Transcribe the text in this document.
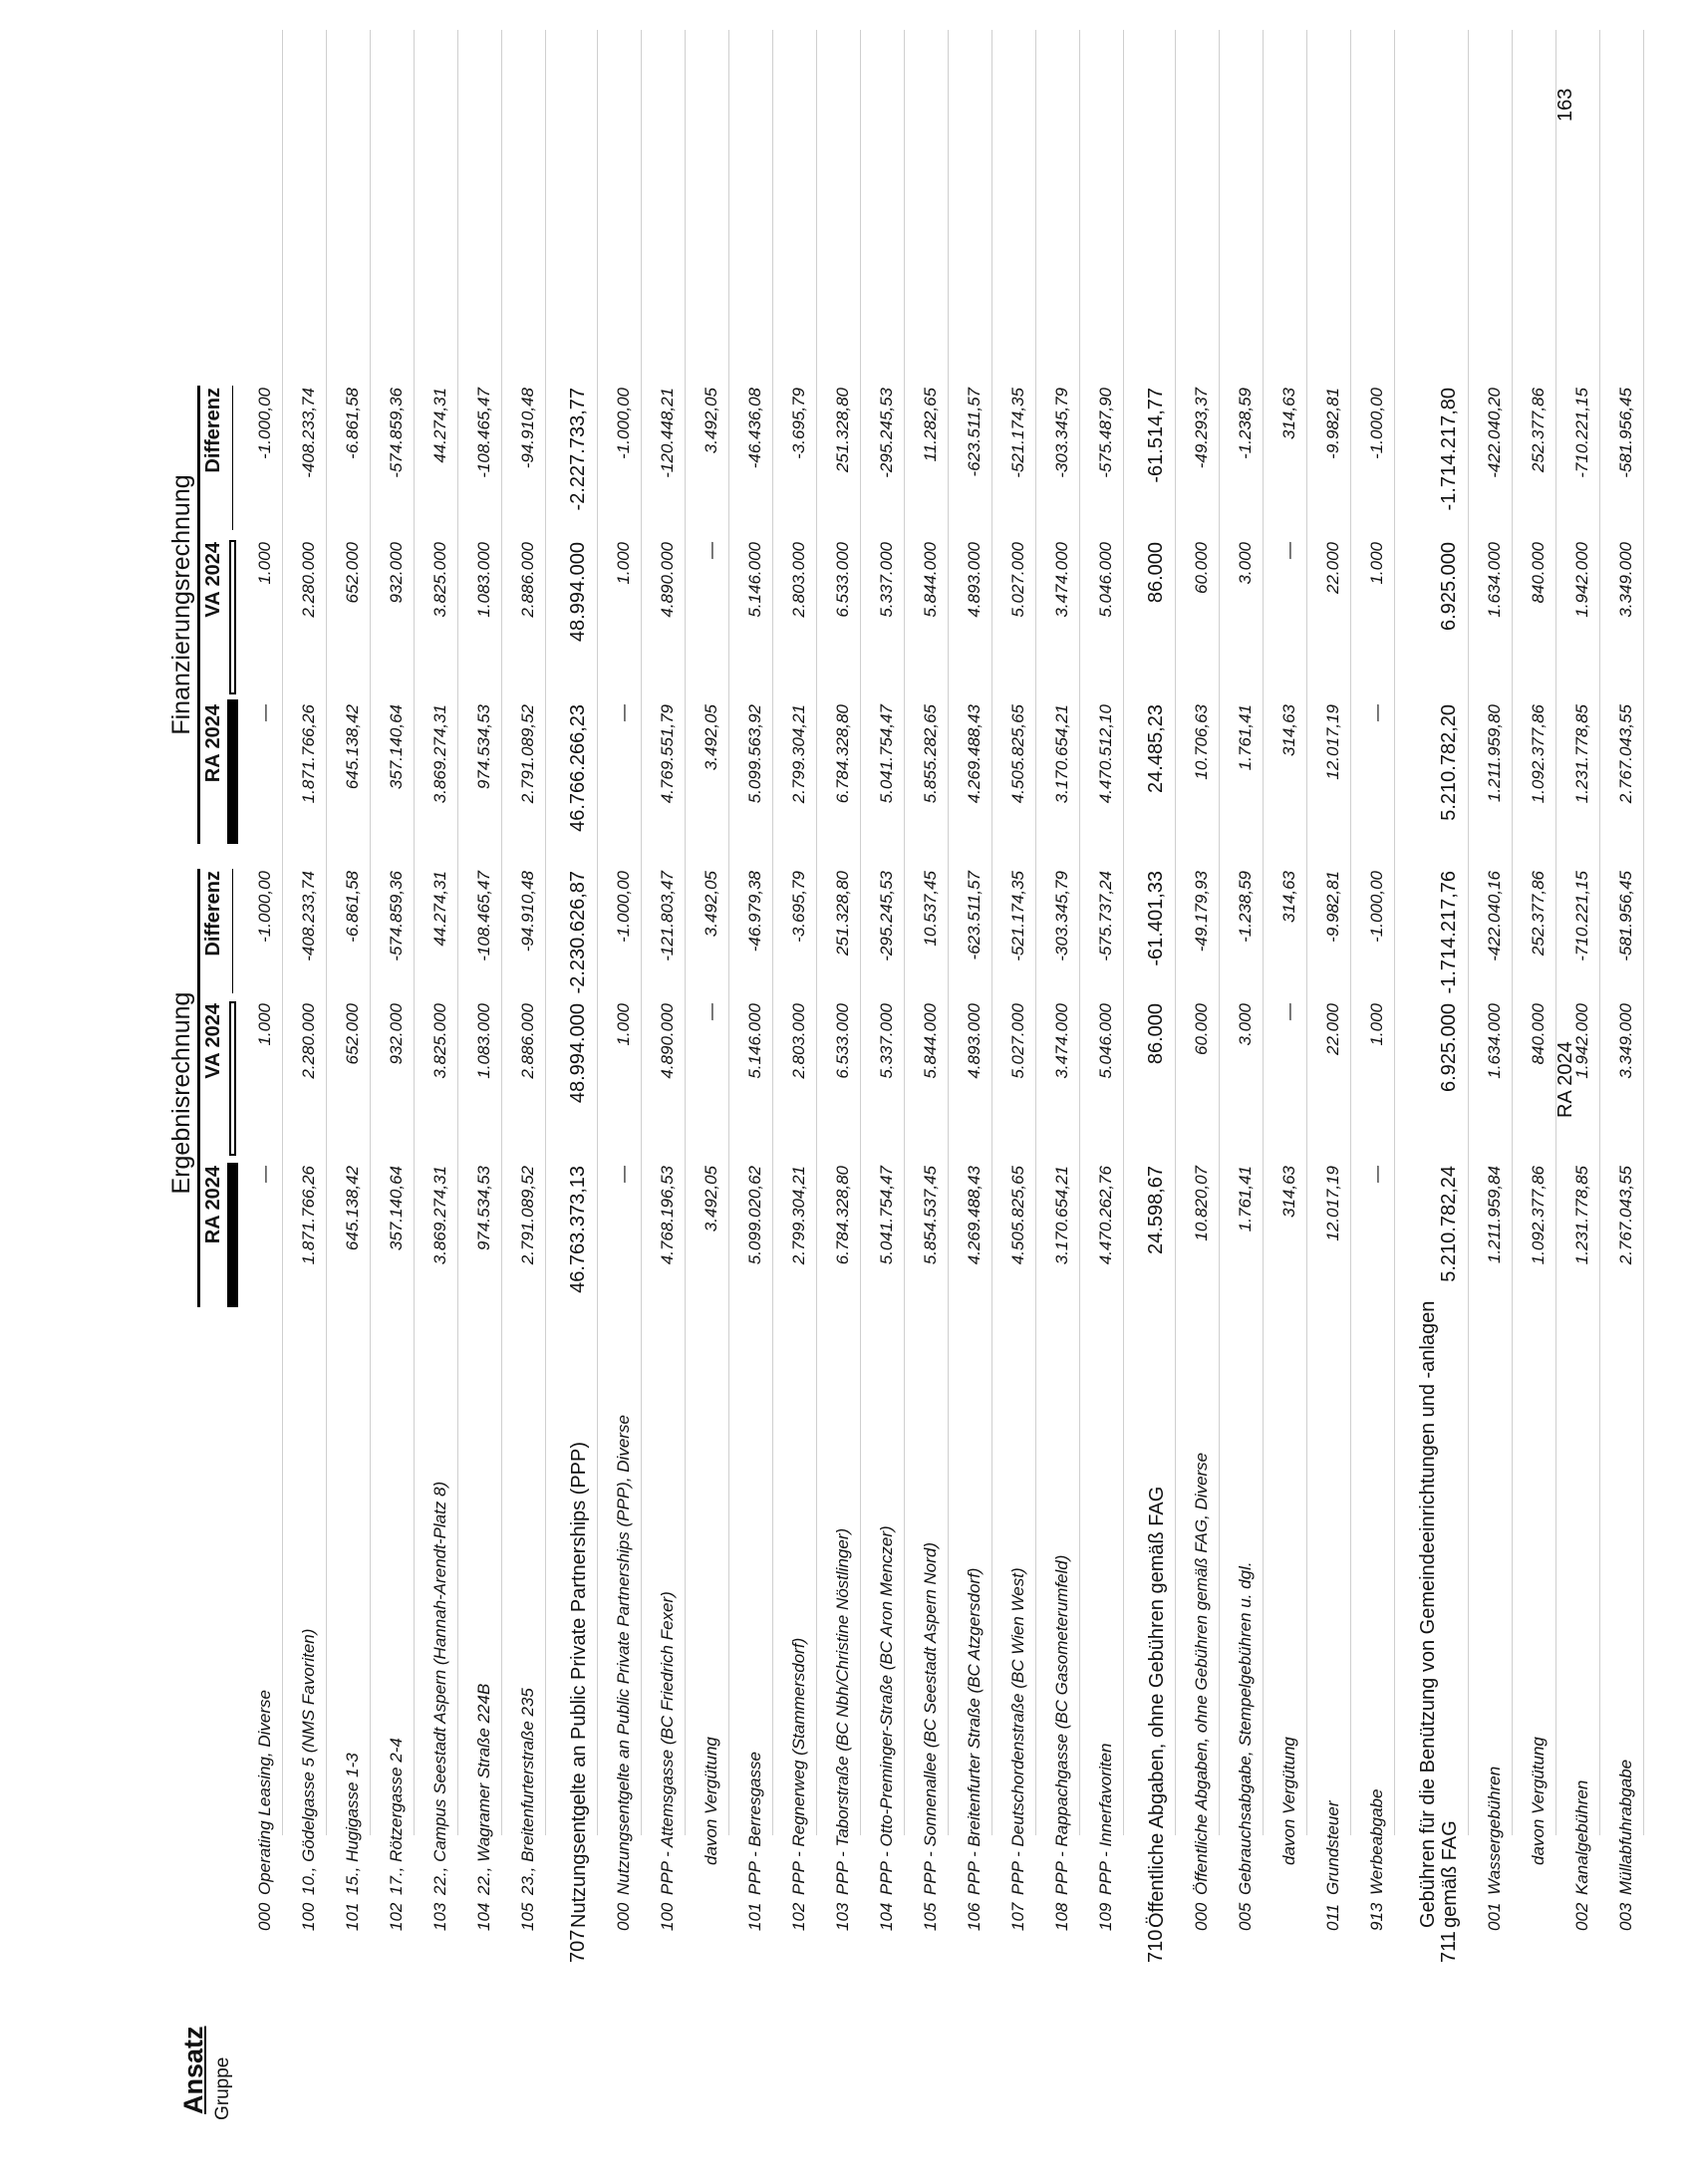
Ansatz Gruppe
Ergebnisrechnung
RA 2024
VA 2024
Differenz
Finanzierungsrechnung
RA 2024
VA 2024
Differenz
000
Operating Leasing, Diverse
—
1.000
-1.000,00
—
1.000
-1.000,00
100
10., Gödelgasse 5 (NMS Favoriten)
1.871.766,26
2.280.000
-408.233,74
1.871.766,26
2.280.000
-408.233,74
101
15., Hugigasse 1-3
645.138,42
652.000
-6.861,58
645.138,42
652.000
-6.861,58
102
17., Rötzergasse 2-4
357.140,64
932.000
-574.859,36
357.140,64
932.000
-574.859,36
103
22., Campus Seestadt Aspern (Hannah-Arendt-Platz 8)
3.869.274,31
3.825.000
44.274,31
3.869.274,31
3.825.000
44.274,31
104
22., Wagramer Straße 224B
974.534,53
1.083.000
-108.465,47
974.534,53
1.083.000
-108.465,47
105
23., Breitenfurterstraße 235
2.791.089,52
2.886.000
-94.910,48
2.791.089,52
2.886.000
-94.910,48
707
Nutzungsentgelte an Public Private Partnerships (PPP)
46.763.373,13
48.994.000
-2.230.626,87
46.766.266,23
48.994.000
-2.227.733,77
000
Nutzungsentgelte an Public Private Partnerships (PPP), Diverse
—
1.000
-1.000,00
—
1.000
-1.000,00
100
PPP - Attemsgasse (BC Friedrich Fexer)
4.768.196,53
4.890.000
-121.803,47
4.769.551,79
4.890.000
-120.448,21
davon Vergütung
3.492,05
—
3.492,05
3.492,05
—
3.492,05
101
PPP - Berresgasse
5.099.020,62
5.146.000
-46.979,38
5.099.563,92
5.146.000
-46.436,08
102
PPP - Regnerweg (Stammersdorf)
2.799.304,21
2.803.000
-3.695,79
2.799.304,21
2.803.000
-3.695,79
103
PPP - Taborstraße (BC Nbh/Christine Nöstlinger)
6.784.328,80
6.533.000
251.328,80
6.784.328,80
6.533.000
251.328,80
104
PPP - Otto-Preminger-Straße (BC Aron Menczer)
5.041.754,47
5.337.000
-295.245,53
5.041.754,47
5.337.000
-295.245,53
105
PPP - Sonnenallee (BC Seestadt Aspern Nord)
5.854.537,45
5.844.000
10.537,45
5.855.282,65
5.844.000
11.282,65
106
PPP - Breitenfurter Straße (BC Atzgersdorf)
4.269.488,43
4.893.000
-623.511,57
4.269.488,43
4.893.000
-623.511,57
107
PPP - Deutschordenstraße (BC Wien West)
4.505.825,65
5.027.000
-521.174,35
4.505.825,65
5.027.000
-521.174,35
108
PPP - Rappachgasse (BC Gasometerumfeld)
3.170.654,21
3.474.000
-303.345,79
3.170.654,21
3.474.000
-303.345,79
109
PPP - Innerfavoriten
4.470.262,76
5.046.000
-575.737,24
4.470.512,10
5.046.000
-575.487,90
710
Öffentliche Abgaben, ohne Gebühren gemäß FAG
24.598,67
86.000
-61.401,33
24.485,23
86.000
-61.514,77
000
Öffentliche Abgaben, ohne Gebühren gemäß FAG, Diverse
10.820,07
60.000
-49.179,93
10.706,63
60.000
-49.293,37
005
Gebrauchsabgabe, Stempelgebühren u. dgl.
1.761,41
3.000
-1.238,59
1.761,41
3.000
-1.238,59
davon Vergütung
314,63
—
314,63
314,63
—
314,63
011
Grundsteuer
12.017,19
22.000
-9.982,81
12.017,19
22.000
-9.982,81
913
Werbeabgabe
—
1.000
-1.000,00
—
1.000
-1.000,00
711
Gebühren für die Benützung von Gemeindeeinrichtungen und -anlagen gemäß FAG
5.210.782,24
6.925.000
-1.714.217,76
5.210.782,20
6.925.000
-1.714.217,80
001
Wassergebühren
1.211.959,84
1.634.000
-422.040,16
1.211.959,80
1.634.000
-422.040,20
davon Vergütung
1.092.377,86
840.000
252.377,86
1.092.377,86
840.000
252.377,86
002
Kanalgebühren
1.231.778,85
1.942.000
-710.221,15
1.231.778,85
1.942.000
-710.221,15
003
Müllabfuhrabgabe
2.767.043,55
3.349.000
-581.956,45
2.767.043,55
3.349.000
-581.956,45
RA 2024
163
